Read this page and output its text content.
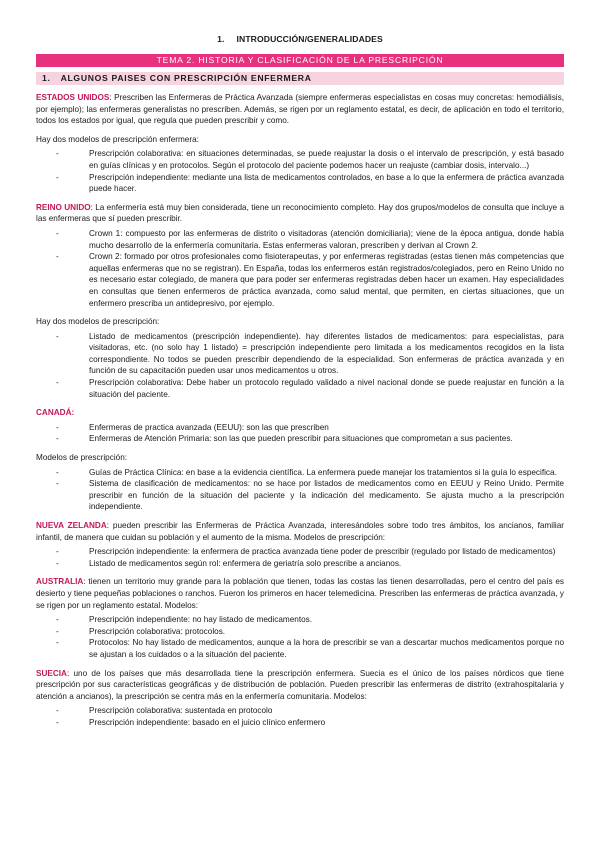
1. INTRODUCCIÓN/GENERALIDADES
TEMA 2. HISTORIA Y CLASIFICACIÓN DE LA PRESCRIPCIÓN
1. ALGUNOS PAISES CON PRESCRIPCIÓN ENFERMERA

ESTADOS UNIDOS: Prescriben las Enfermeras de Práctica Avanzada (siempre enfermeras especialistas en cosas muy concretas: hemodiálisis, por ejemplo); las enfermeras generalistas no prescriben. Además, se rigen por un reglamento estatal, es decir, de aplicación en todo el territorio, todos los estados por igual, que regula que pueden prescribir y como.

Hay dos modelos de prescripción enfermera:

-	Prescripción colaborativa: en situaciones determinadas, se puede reajustar la dosis o el intervalo de prescripción, y está basado en guías clínicas y en protocolos. Según el protocolo del paciente podemos hacer un reajuste (cambiar dosis, intervalo...)
-	Prescripción independiente: mediante una lista de medicamentos controlados, en base a lo que la enfermera de práctica avanzada puede hacer.

REINO UNIDO: La enfermería está muy bien considerada, tiene un reconocimiento completo. Hay dos grupos/modelos de consulta que incluye a las enfermeras que sí pueden prescribir.

-	Crown 1: compuesto por las enfermeras de distrito o visitadoras (atención domiciliaria); viene de la época antigua, donde había mucho desarrollo de la enfermería comunitaria. Estas enfermeras valoran, prescriben y derivan al Crown 2.
-	Crown 2: formado por otros profesionales como fisioterapeutas, y por enfermeras registradas (estas tienen más competencias que aquellas enfermeras que no se registran). En España, todas los enfermeros están registrados/colegiados, pero en Reino Unido no es necesario estar colegiado, de manera que para poder ser enfermeras registradas deben hacer un examen. Hay especialidades en consultas que tienen enfermeros de práctica avanzada, como salud mental, que permiten, en ciertas situaciones, que un enfermero prescriba un antidepresivo, por ejemplo.

Hay dos modelos de prescripción:

-	Listado de medicamentos (prescripción independiente). hay diferentes listados de medicamentos: para especialistas, para visitadoras, etc. (no solo hay 1 listado) = prescripción independiente pero limitada a los medicamentos recogidos en la lista correspondiente. No todos se pueden prescribir dependiendo de la especialidad. Son enfermeras de práctica avanzada y en función de su capacitación pueden usar unos medicamentos u otros.
-	Prescripción colaborativa: Debe haber un protocolo regulado validado a nivel nacional donde se puede reajustar en función a la situación del paciente.

CANADÁ:

-	Enfermeras de practica avanzada (EEUU): son las que prescriben
-	Enfermeras de Atención Primaria: son las que pueden prescribir para situaciones que comprometan a sus pacientes.

Modelos de prescripción:

-	Guías de Práctica Clínica: en base a la evidencia científica. La enfermera puede manejar los tratamientos si la guía lo especifica.
-	Sistema de clasificación de medicamentos: no se hace por listados de medicamentos como en EEUU y Reino Unido. Permite prescribir en función de la situación del paciente y la indicación del medicamento. Se ajusta mucho a la prescripción independiente.

NUEVA ZELANDA: pueden prescribir las Enfermeras de Práctica Avanzada, interesándoles sobre todo tres ámbitos, los ancianos, familiar infantil, de manera que cuidan su población y el aumento de la misma. Modelos de prescripción:

-	Prescripción independiente: la enfermera de practica avanzada tiene poder de prescribir (regulado por listado de medicamentos)
-	Listado de medicamentos según rol: enfermera de geriatría solo prescribe a ancianos.

AUSTRALIA: tienen un territorio muy grande para la población que tienen, todas las costas las tienen desarrolladas, pero el centro del país es desierto y tiene pequeñas poblaciones o ranchos. Fueron los primeros en hacer telemedicina. Prescriben las enfermeras de práctica avanzada, y se rigen por un reglamento estatal. Modelos:

-	Prescripción independiente: no hay listado de medicamentos.
-	Prescripción colaborativa: protocolos.
-	Protocolos: No hay listado de medicamentos, aunque a la hora de prescribir se van a descartar muchos medicamentos porque no se ajustan a los cuidados o a la situación del paciente.

SUECIA: uno de los países que más desarrollada tiene la prescripción enfermera. Suecia es el único de los países nórdicos que tiene prescripción por sus características geográficas y de distribución de población. Pueden prescribir las enfermeras de distrito (extrahospitalaria y atención a ancianos), la prescripción se centra más en la enfermería comunitaria. Modelos:

-	Prescripción colaborativa: sustentada en protocolo
-	Prescripción independiente: basado en el juicio clínico enfermero
